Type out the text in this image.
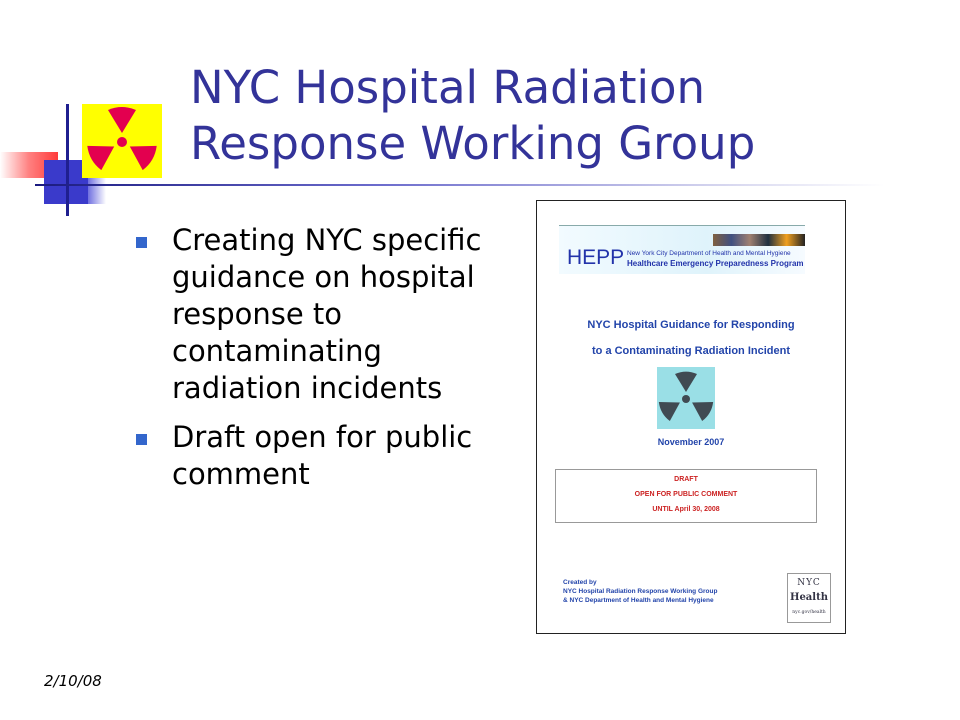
NYC Hospital Radiation
Response Working Group
Creating NYC specific guidance on hospital response to contaminating radiation incidents
Draft open for public comment
HEPP New York City Department of Health and Mental Hygiene
Healthcare Emergency Preparedness Program
NYC Hospital Guidance for Responding
to a Contaminating Radiation Incident
November 2007
DRAFT
OPEN FOR PUBLIC COMMENT
UNTIL April 30, 2008
Created by
NYC Hospital Radiation Response Working Group
& NYC Department of Health and Mental Hygiene
NYC
Health
nyc.gov/health
2/10/08
